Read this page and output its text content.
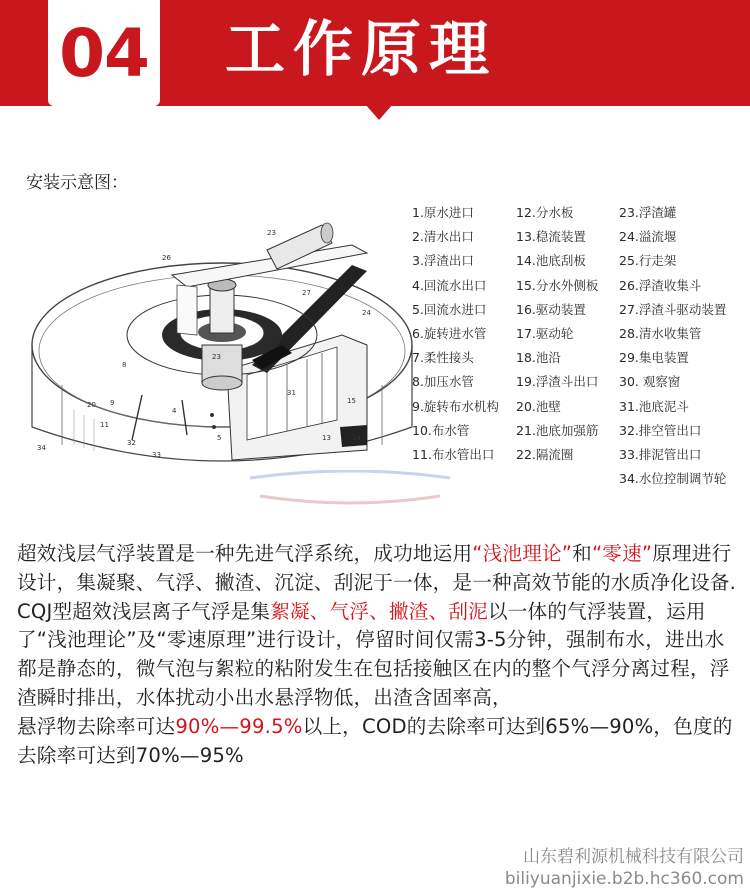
04 工作原理
安装示意图：
23
8
9
4
5
20
11
32
33
15
14
13
31
24
27
23
26
34
1.原水进口
2.清水出口
3.浮渣出口
4.回流水出口
5.回流水进口
6.旋转进水管
7.柔性接头
8.加压水管
9.旋转布水机构
10.布水管
11.布水管出口
12.分水板
13.稳流装置
14.池底刮板
15.分水外侧板
16.驱动装置
17.驱动轮
18.池沿
19.浮渣斗出口
20.池壁
21.池底加强筋
22.隔流圈
23.浮渣罐
24.溢流堰
25.行走架
26.浮渣收集斗
27.浮渣斗驱动装置
28.清水收集管
29.集电装置
30. 观察窗
31.池底泥斗
32.排空管出口
33.排泥管出口
34.水位控制调节轮

超效浅层气浮装置是一种先进气浮系统，成功地运用“浅池理论”和“零速”原理进行设计，集凝聚、气浮、撇渣、沉淀、刮泥于一体，是一种高效节能的水质净化设备.

CQJ型超效浅层离子气浮是集絮凝、气浮、撇渣、刮泥以一体的气浮装置，运用了“浅池理论”及“零速原理”进行设计，停留时间仅需3-5分钟，强制布水，进出水都是静态的，微气泡与絮粒的粘附发生在包括接触区在内的整个气浮分离过程，浮渣瞬时排出，水体扰动小出水悬浮物低，出渣含固率高，

悬浮物去除率可达90%—99.5%以上，COD的去除率可达到65%—90%，色度的去除率可达到70%—95%

山东碧利源机械科技有限公司
biliyuanjixie.b2b.hc360.com
